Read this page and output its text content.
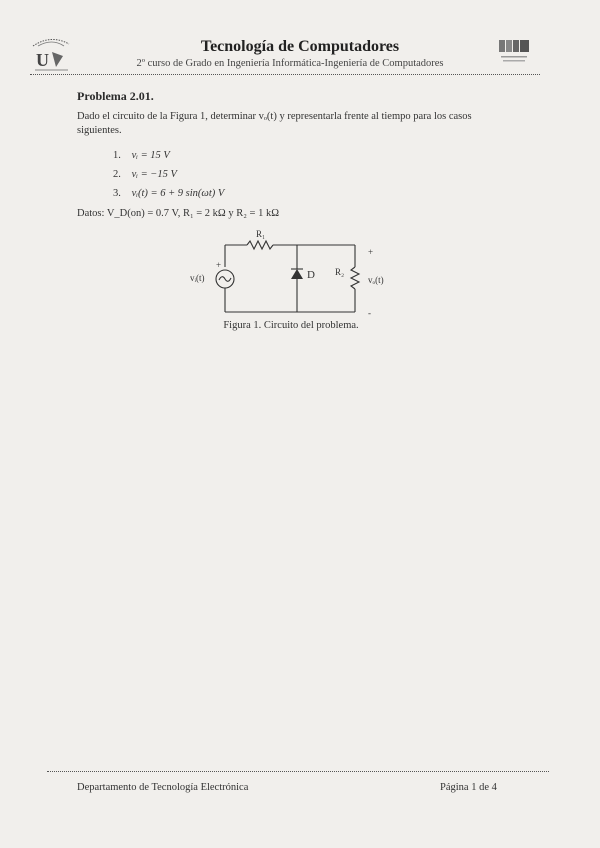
U
Tecnología de Computadores
2º curso de Grado en Ingeniería Informática-Ingeniería de Computadores
Problema 2.01.
Dado el circuito de la Figura 1, determinar vₒ(t) y representarla frente al tiempo para los casos siguientes.
1. vᵢ = 15 V
2. vᵢ = −15 V
3. vᵢ(t) = 6 + 9 sin(ωt) V
Datos: V_D(on) = 0.7 V, R₁ = 2 kΩ y R₂ = 1 kΩ
R₁
D R₂
vᵢ(t)	vₒ(t)
+
+
-
Figura 1. Circuito del problema.
Departamento de Tecnología Electrónica	Página 1 de 4
